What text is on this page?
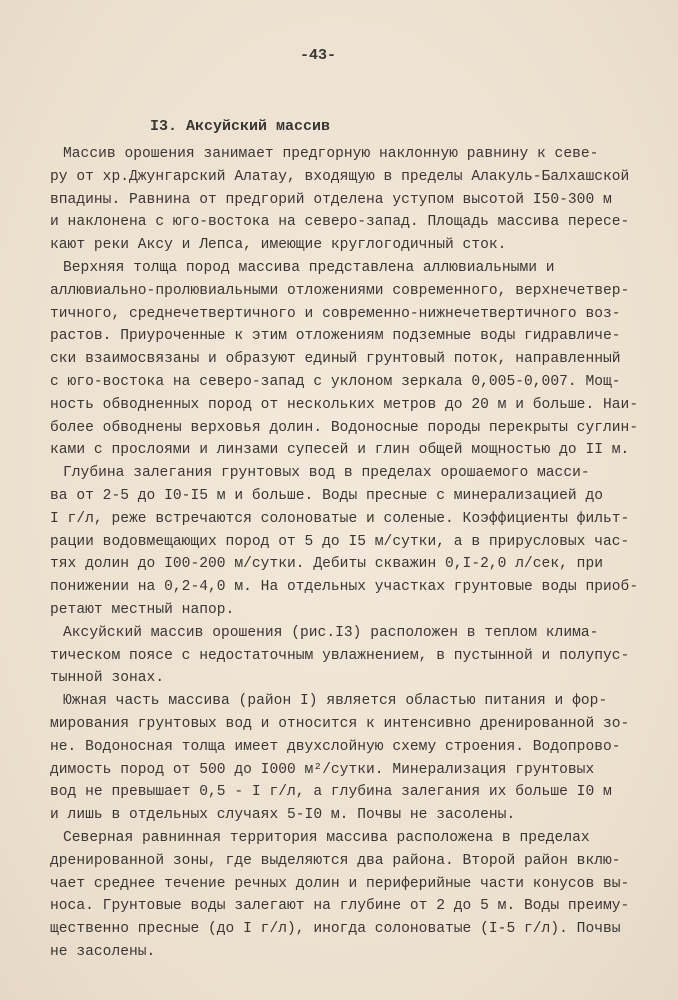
-43-
I3. Аксуйский массив
Массив орошения занимает предгорную наклонную равнину к севе-
ру от хр.Джунгарский Алатау, входящую в пределы Алакуль-Балхашской
впадины. Равнина от предгорий отделена уступом высотой I50-300 м
и наклонена с юго-востока на северо-запад. Площадь массива пересе-
кают реки Аксу и Лепса, имеющие круглогодичный сток.
Верхняя толща пород массива представлена аллювиальными и
аллювиально-пролювиальными отложениями современного, верхнечетвер-
тичного, среднечетвертичного и современно-нижнечетвертичного воз-
растов. Приуроченные к этим отложениям подземные воды гидравличе-
ски взаимосвязаны и образуют единый грунтовый поток, направленный
с юго-востока на северо-запад с уклоном зеркала 0,005-0,007. Мощ-
ность обводненных пород от нескольких метров до 20 м и больше. Наи-
более обводнены верховья долин. Водоносные породы перекрыты суглин-
ками с прослоями и линзами супесей и глин общей мощностью до II м.
Глубина залегания грунтовых вод в пределах орошаемого масси-
ва от 2-5 до I0-I5 м и больше. Воды пресные с минерализацией до
I г/л, реже встречаются солоноватые и соленые. Коэффициенты фильт-
рации водовмещающих пород от 5 до I5 м/сутки, а в прирусловых час-
тях долин до I00-200 м/сутки. Дебиты скважин 0,I-2,0 л/сек, при
понижении на 0,2-4,0 м. На отдельных участках грунтовые воды приоб-
ретают местный напор.
Аксуйский массив орошения (рис.I3) расположен в теплом клима-
тическом поясе с недостаточным увлажнением, в пустынной и полупус-
тынной зонах.
Южная часть массива (район I) является областью питания и фор-
мирования грунтовых вод и относится к интенсивно дренированной зо-
не. Водоносная толща имеет двухслойную схему строения. Водопрово-
димость пород от 500 до I000 м²/сутки. Минерализация грунтовых
вод не превышает 0,5 - I г/л, а глубина залегания их больше I0 м
и лишь в отдельных случаях 5-I0 м. Почвы не засолены.
Северная равнинная территория массива расположена в пределах
дренированной зоны, где выделяются два района. Второй район вклю-
чает среднее течение речных долин и периферийные части конусов вы-
носа. Грунтовые воды залегают на глубине от 2 до 5 м. Воды преиму-
щественно пресные (до I г/л), иногда солоноватые (I-5 г/л). Почвы
не засолены.
